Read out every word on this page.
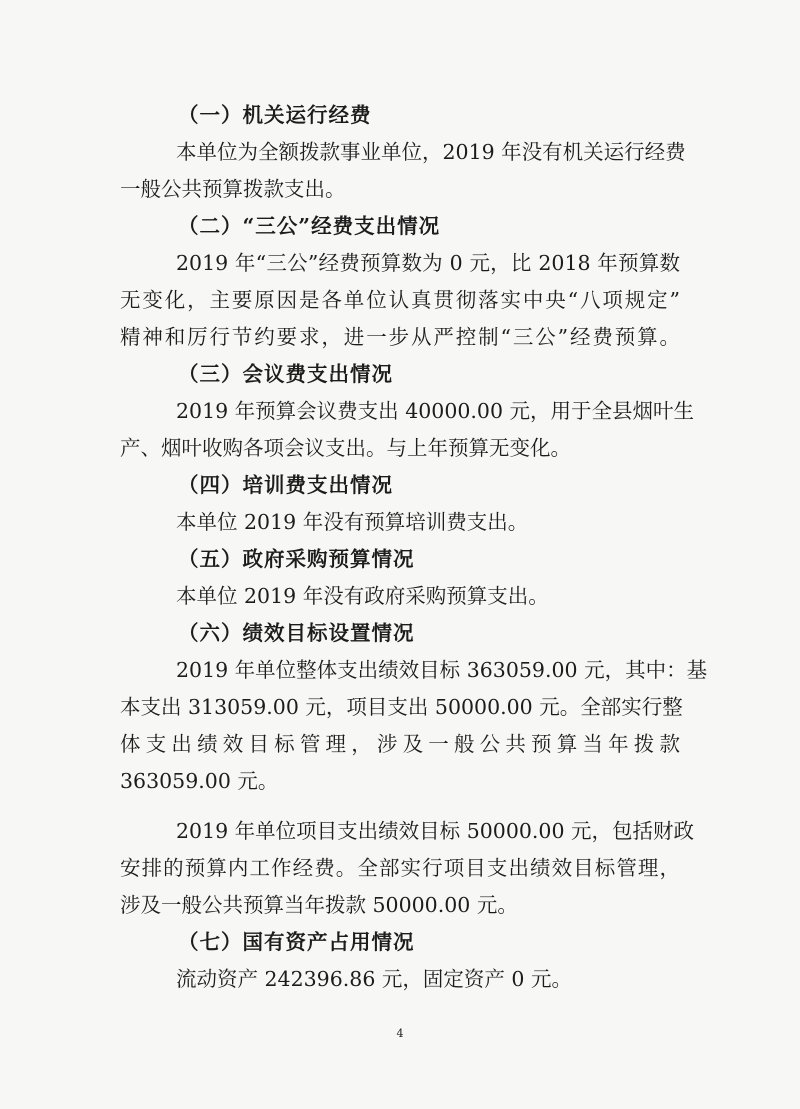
（一）机关运行经费
本单位为全额拨款事业单位，2019 年没有机关运行经费
一般公共预算拨款支出。
（二）“三公”经费支出情况
2019 年“三公”经费预算数为 0 元，比 2018 年预算数
无变化，主要原因是各单位认真贯彻落实中央“八项规定”
精神和厉行节约要求，进一步从严控制“三公”经费预算。
（三）会议费支出情况
2019 年预算会议费支出 40000.00 元，用于全县烟叶生
产、烟叶收购各项会议支出。与上年预算无变化。
（四）培训费支出情况
本单位 2019 年没有预算培训费支出。
（五）政府采购预算情况
本单位 2019 年没有政府采购预算支出。
（六）绩效目标设置情况
2019 年单位整体支出绩效目标 363059.00 元，其中：基
本支出 313059.00 元，项目支出 50000.00 元。全部实行整
体支出绩效目标管理，涉及一般公共预算当年拨款
363059.00 元。
2019 年单位项目支出绩效目标 50000.00 元，包括财政
安排的预算内工作经费。全部实行项目支出绩效目标管理，
涉及一般公共预算当年拨款 50000.00 元。
（七）国有资产占用情况
流动资产 242396.86 元，固定资产 0 元。
4
